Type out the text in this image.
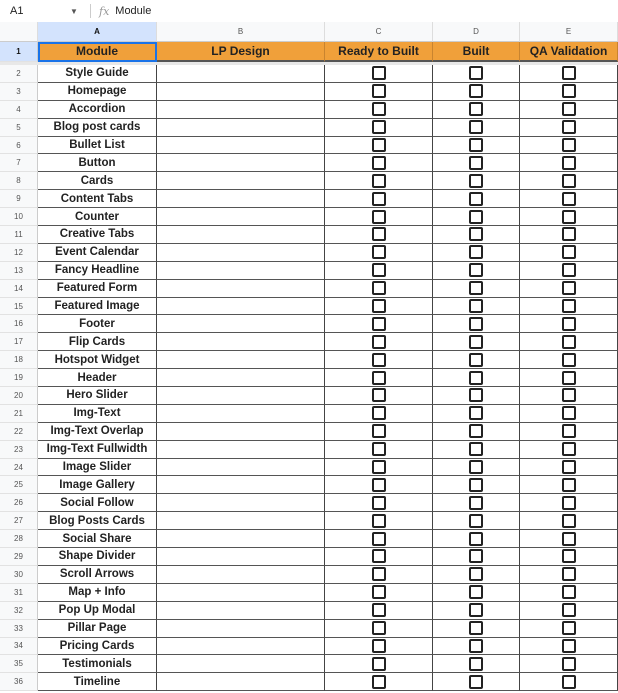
A1	▼	fx Module
A	B	C	D	E
1	Module	LP Design	Ready to Built	Built	QA Validation
2	Style Guide
3	Homepage
4	Accordion
5	Blog post cards
6	Bullet List
7	Button
8	Cards
9	Content Tabs
10	Counter
11	Creative Tabs
12	Event Calendar
13	Fancy Headline
14	Featured Form
15	Featured Image
16	Footer
17	Flip Cards
18	Hotspot Widget
19	Header
20	Hero Slider
21	Img-Text
22	Img-Text Overlap
23	Img-Text Fullwidth
24	Image Slider
25	Image Gallery
26	Social Follow
27	Blog Posts Cards
28	Social Share
29	Shape Divider
30	Scroll Arrows
31	Map + Info
32	Pop Up Modal
33	Pillar Page
34	Pricing Cards
35	Testimonials
36	Timeline
